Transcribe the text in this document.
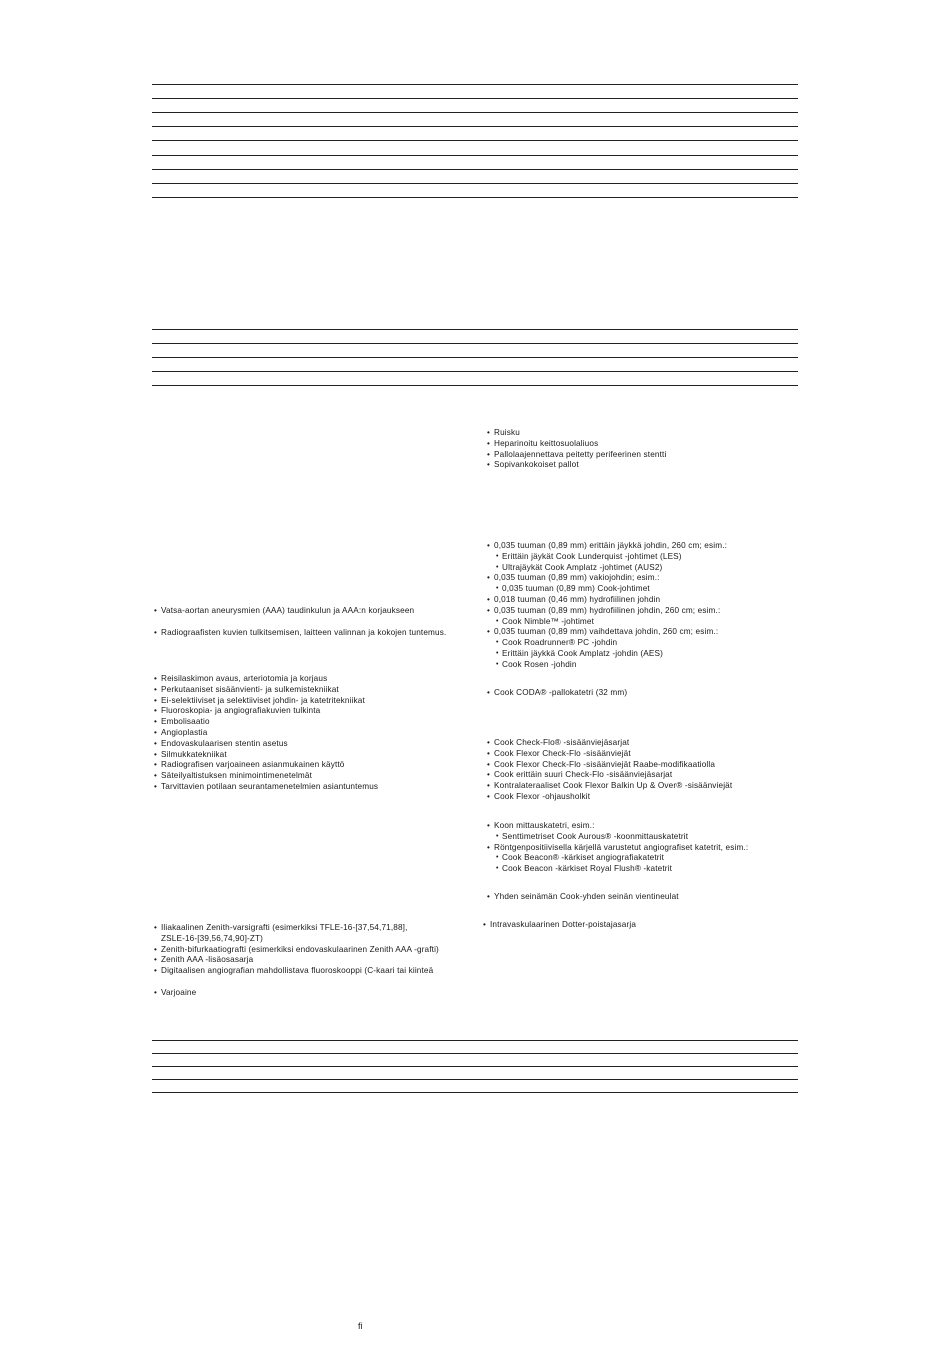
• Vatsa-aortan aneurysmien (AAA) taudinkulun ja AAA:n korjaukseen
• Radiograafisten kuvien tulkitsemisen, laitteen valinnan ja kokojen tuntemus.
• Reisilaskimon avaus, arteriotomia ja korjaus
• Perkutaaniset sisäänvienti- ja sulkemistekniikat
• Ei-selektiiviset ja selektiiviset johdin- ja katetritekniikat
• Fluoroskopia- ja angiografiakuvien tulkinta
• Embolisaatio
• Angioplastia
• Endovaskulaarisen stentin asetus
• Silmukkatekniikat
• Radiografisen varjoaineen asianmukainen käyttö
• Säteilyaltistuksen minimointimenetelmät
• Tarvittavien potilaan seurantamenetelmien asiantuntemus
• Iliakaalinen Zenith-varsigrafti (esimerkiksi TFLE-16-[37,54,71,88],
ZSLE-16-[39,56,74,90]-ZT)
• Zenith-bifurkaatiografti (esimerkiksi endovaskulaarinen Zenith AAA -grafti)
• Zenith AAA -lisäosasarja
• Digitaalisen angiografian mahdollistava fluoroskooppi (C-kaari tai kiinteä
• Varjoaine
• Ruisku
• Heparinoitu keittosuolaliuos
• Pallolaajennettava peitetty perifeerinen stentti
• Sopivankokoiset pallot
• 0,035 tuuman (0,89 mm) erittäin jäykkä johdin, 260 cm; esim.:
• Erittäin jäykät Cook Lunderquist -johtimet (LES)
• Ultrajäykät Cook Amplatz -johtimet (AUS2)
• 0,035 tuuman (0,89 mm) vakiojohdin; esim.:
• 0,035 tuuman (0,89 mm) Cook-johtimet
• 0,018 tuuman (0,46 mm) hydrofiilinen johdin
• 0,035 tuuman (0,89 mm) hydrofiilinen johdin, 260 cm; esim.:
• Cook Nimble™ -johtimet
• 0,035 tuuman (0,89 mm) vaihdettava johdin, 260 cm; esim.:
• Cook Roadrunner® PC -johdin
• Erittäin jäykkä Cook Amplatz -johdin (AES)
• Cook Rosen -johdin
• Cook CODA® -pallokatetri (32 mm)
• Cook Check-Flo® -sisäänviejäsarjat
• Cook Flexor Check-Flo -sisäänviejät
• Cook Flexor Check-Flo -sisäänviejät Raabe-modifikaatiolla
• Cook erittäin suuri Check-Flo -sisäänviejäsarjat
• Kontralateraaliset Cook Flexor Balkin Up & Over® -sisäänviejät
• Cook Flexor -ohjausholkit
• Koon mittauskatetri, esim.:
• Senttimetriset Cook Aurous® -koonmittauskatetrit
• Röntgenpositiivisella kärjellä varustetut angiografiset katetrit, esim.:
• Cook Beacon® -kärkiset angiografiakatetrit
• Cook Beacon -kärkiset Royal Flush® -katetrit
• Yhden seinämän Cook-yhden seinän vientineulat
• Intravaskulaarinen Dotter-poistajasarja
fi
